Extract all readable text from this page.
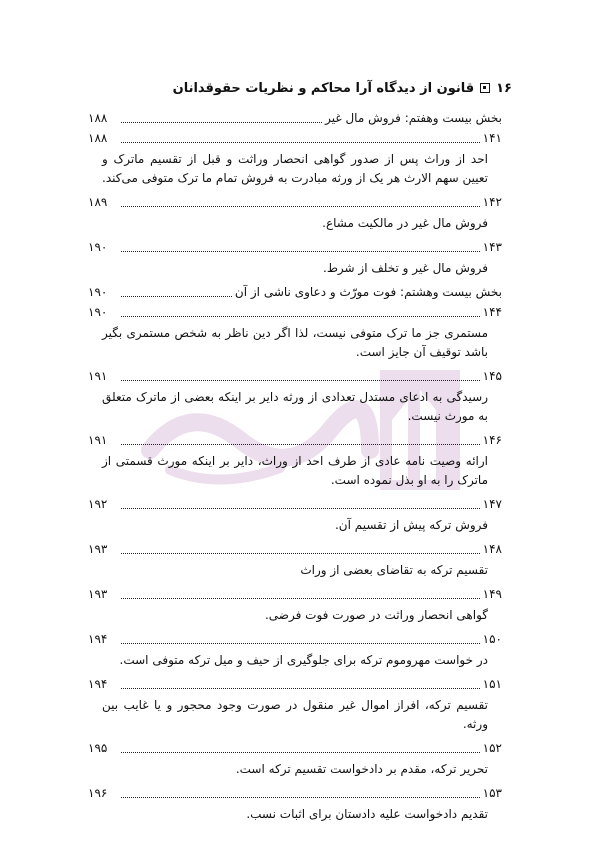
۱۶
قانون از دیدگاه آرا محاکم و نظریات حقوقدانان
بخش بیست وهفتم: فروش مال غیر
۱۸۸
۱۴۱
۱۸۸
احد از وراث پس از صدور گواهی انحصار وراثت و قبل از تقسیم ماترک و تعیین سهم الارث هر یک از ورثه مبادرت به فروش تمام ما ترک متوفی می‌کند.
۱۴۲
۱۸۹
فروش مال غیر در مالکیت مشاع.
۱۴۳
۱۹۰
فروش مال غیر و تخلف از شرط.
بخش بیست وهشتم: فوت مورّث و دعاوی ناشی از آن
۱۹۰
۱۴۴
۱۹۰
مستمری جز ما ترک متوفی نیست، لذا اگر دین ناظر به شخص مستمری بگیر باشد توقیف آن جایز است.
۱۴۵
۱۹۱
رسیدگی به ادعای مستدل تعدادی از ورثه دایر بر اینکه بعضی از ماترک متعلق به مورث نیست.
۱۴۶
۱۹۱
ارائه وصیت نامه عادی از طرف احد از وراث، دایر بر اینکه مورث قسمتی از ماترک را به او بذل نموده است.
۱۴۷
۱۹۲
فروش ترکه پیش از تقسیم آن.
۱۴۸
۱۹۳
تقسیم ترکه به تقاضای بعضی از وراث
۱۴۹
۱۹۳
گواهی انحصار وراثت در صورت فوت فرضی.
۱۵۰
۱۹۴
در خواست مهروموم ترکه برای جلوگیری از حیف و میل ترکه متوفی است.
۱۵۱
۱۹۴
تقسیم ترکه، افراز اموال غیر منقول در صورت وجود محجور و یا غایب بین ورثه.
۱۵۲
۱۹۵
تحریر ترکه، مقدم بر دادخواست تقسیم ترکه است.
۱۵۳
۱۹۶
تقدیم دادخواست علیه دادستان برای اثبات نسب.
